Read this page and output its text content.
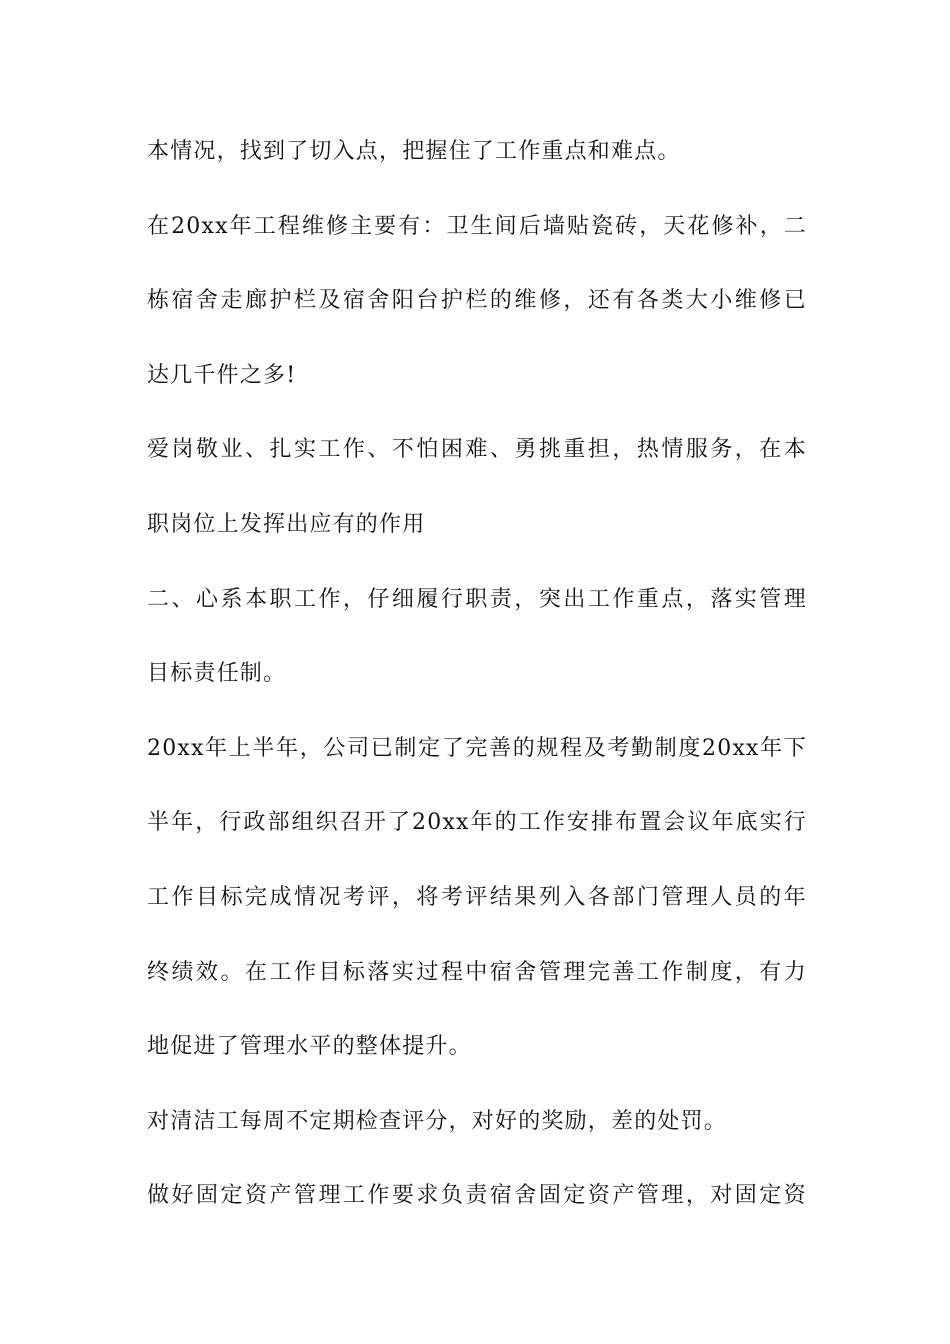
本情况，找到了切入点，把握住了工作重点和难点。
在20xx年工程维修主要有：卫生间后墙贴瓷砖，天花修补，二
栋宿舍走廊护栏及宿舍阳台护栏的维修，还有各类大小维修已
达几千件之多!
爱岗敬业、扎实工作、不怕困难、勇挑重担，热情服务，在本
职岗位上发挥出应有的作用
二、心系本职工作，仔细履行职责，突出工作重点，落实管理
目标责任制。
20xx年上半年，公司已制定了完善的规程及考勤制度20xx年下
半年，行政部组织召开了20xx年的工作安排布置会议年底实行
工作目标完成情况考评，将考评结果列入各部门管理人员的年
终绩效。在工作目标落实过程中宿舍管理完善工作制度，有力
地促进了管理水平的整体提升。
对清洁工每周不定期检查评分，对好的奖励，差的处罚。
做好固定资产管理工作要求负责宿舍固定资产管理，对固定资
